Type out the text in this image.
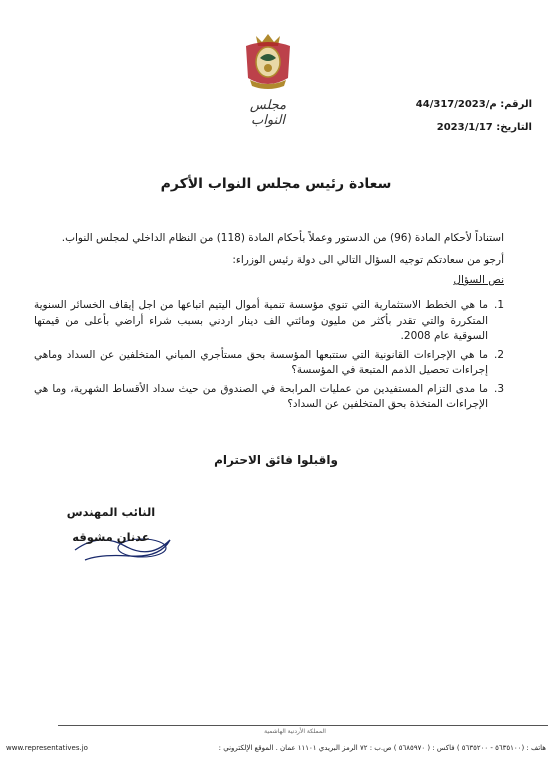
مجلس النواب
الرقم: م/44/317/2023
التاريخ: 2023/1/17
سعادة رئيس مجلس النواب الأكرم
استناداً لأحكام المادة (96) من الدستور وعملاً بأحكام المادة (118) من النظام الداخلي لمجلس النواب.
أرجو من سعادتكم توجيه السؤال التالي الى دولة رئيس الوزراء:
نص السؤال
1.
ما هي الخطط الاستثمارية التي تنوي مؤسسة تنمية أموال اليتيم اتباعها من اجل إيقاف الخسائر السنوية المتكررة والتي تقدر بأكثر من مليون ومائتي الف دينار اردني بسبب شراء أراضي بأعلى من قيمتها السوقية عام 2008.
2.
ما هي الإجراءات القانونية التي ستتبعها المؤسسة بحق مستأجري المباني المتخلفين عن السداد وماهي إجراءات تحصيل الذمم المتبعة في المؤسسة؟
3.
ما مدى التزام المستفيدين من عمليات المرابحة في الصندوق من حيث سداد الأقساط الشهرية، وما هي الإجراءات المتخذة بحق المتخلفين عن السداد؟
واقبلوا فائق الاحترام
النائب المهندس
عدنان مشوقه
المملكة الأردنية الهاشمية
هاتف : (٥٦٣٥١٠٠ - ٥٦٣٥٢٠٠ ) فاكس : ( ٥٦٨٥٩٧٠ ) ص.ب : ٧٢ الرمز البريدي ١١١٠١ عمان . الموقع الإلكتروني :
www.representatives.jo
